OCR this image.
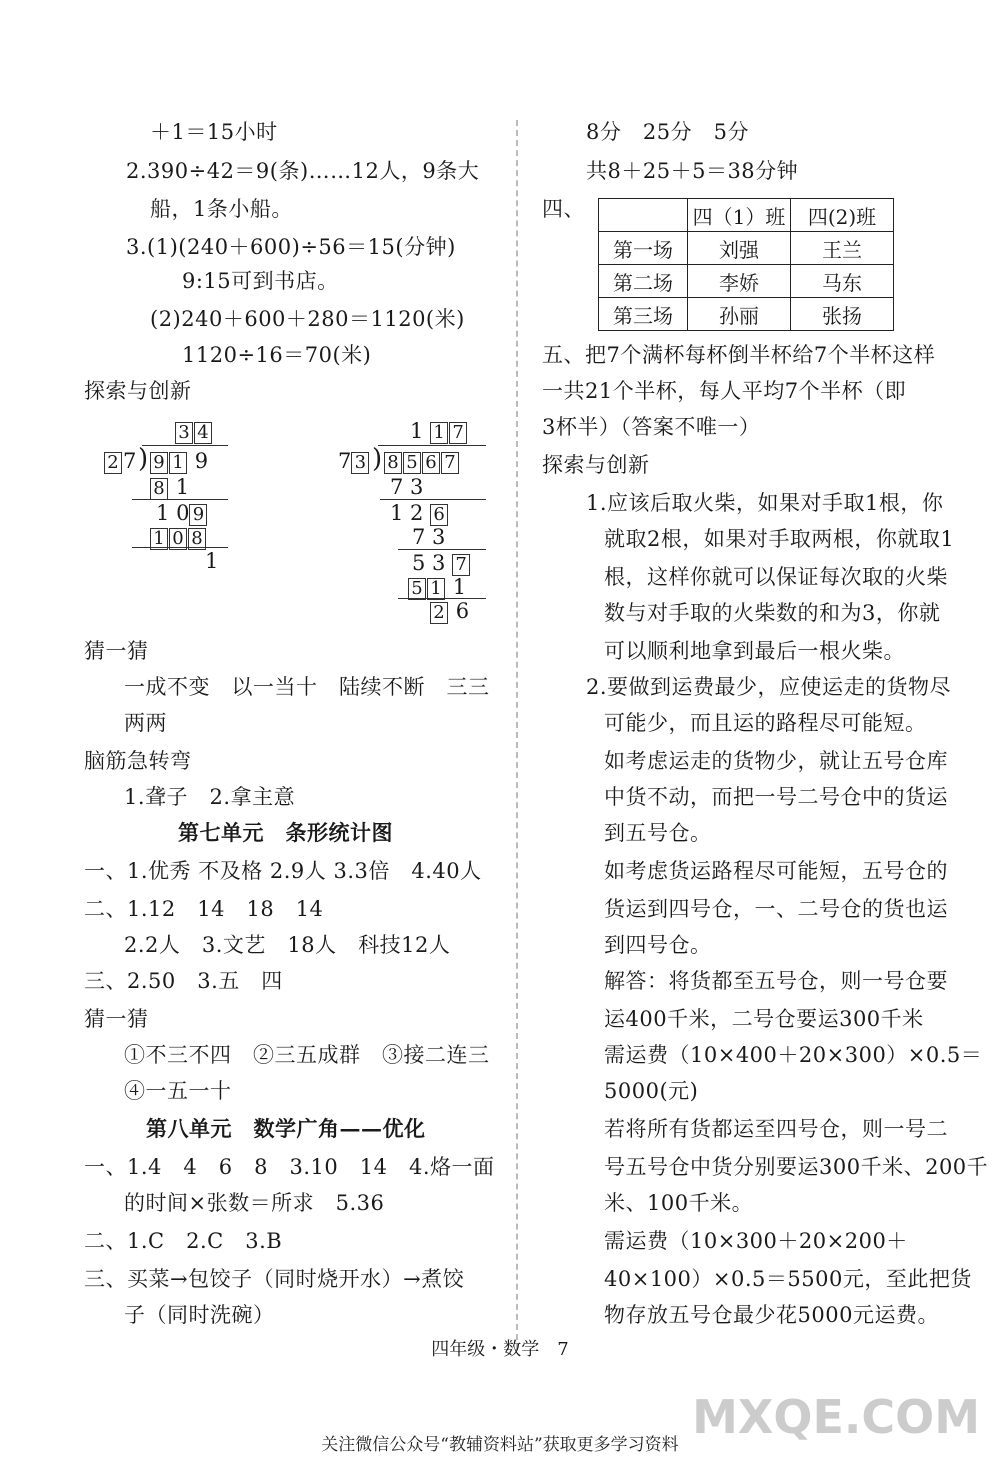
＋1＝15小时
2.390÷42＝9(条)……12人，9条大
船，1条小船。
3.(1)(240＋600)÷56＝15(分钟)
9:15可到书店。
(2)240＋600＋280＝1120(米)
1120÷16＝70(米)
探索与创新
3 4
2 7 ) 9 1 9
8 1
1 0 9
1 0 8
1
1 1 7
7 3 ) 8 5 6 7
7 3
1 2 6
7 3
5 3 7
5 1 1
2 6
猜一猜
一成不变　以一当十　陆续不断　三三
两两
脑筋急转弯
1.聋子　2.拿主意
第七单元　条形统计图
一、1.优秀 不及格 2.9人 3.3倍　4.40人
二、1.12　14　18　14
2.2人　3.文艺　18人　科技12人
三、2.50　3.五　四
猜一猜
①不三不四　②三五成群　③接二连三
④一五一十
第八单元　数学广角——优化
一、1.4　4　6　8　3.10　14　4.烙一面
的时间×张数＝所求　5.36
二、1.C　2.C　3.B
三、买菜→包饺子（同时烧开水）→煮饺
子（同时洗碗）
8分　25分　5分
共8＋25＋5＝38分钟
四、
		四（1）班	四(2)班
第一场	刘强	王兰
第二场	李娇	马东
第三场	孙丽	张扬
五、把7个满杯每杯倒半杯给7个半杯这样
一共21个半杯，每人平均7个半杯（即
3杯半）（答案不唯一）
探索与创新
1.应该后取火柴，如果对手取1根，你
就取2根，如果对手取两根，你就取1
根，这样你就可以保证每次取的火柴
数与对手取的火柴数的和为3，你就
可以顺利地拿到最后一根火柴。
2.要做到运费最少，应使运走的货物尽
可能少，而且运的路程尽可能短。
如考虑运走的货物少，就让五号仓库
中货不动，而把一号二号仓中的货运
到五号仓。
如考虑货运路程尽可能短，五号仓的
货运到四号仓，一、二号仓的货也运
到四号仓。
解答：将货都至五号仓，则一号仓要
运400千米，二号仓要运300千米
需运费（10×400＋20×300）×0.5＝
5000(元)
若将所有货都运至四号仓，则一号二
号五号仓中货分别要运300千米、200千
米、100千米。
需运费（10×300＋20×200＋
40×100）×0.5＝5500元，至此把货
物存放五号仓最少花5000元运费。
四年级・数学　7
MXQE.COM
关注微信公众号“教辅资料站”获取更多学习资料
